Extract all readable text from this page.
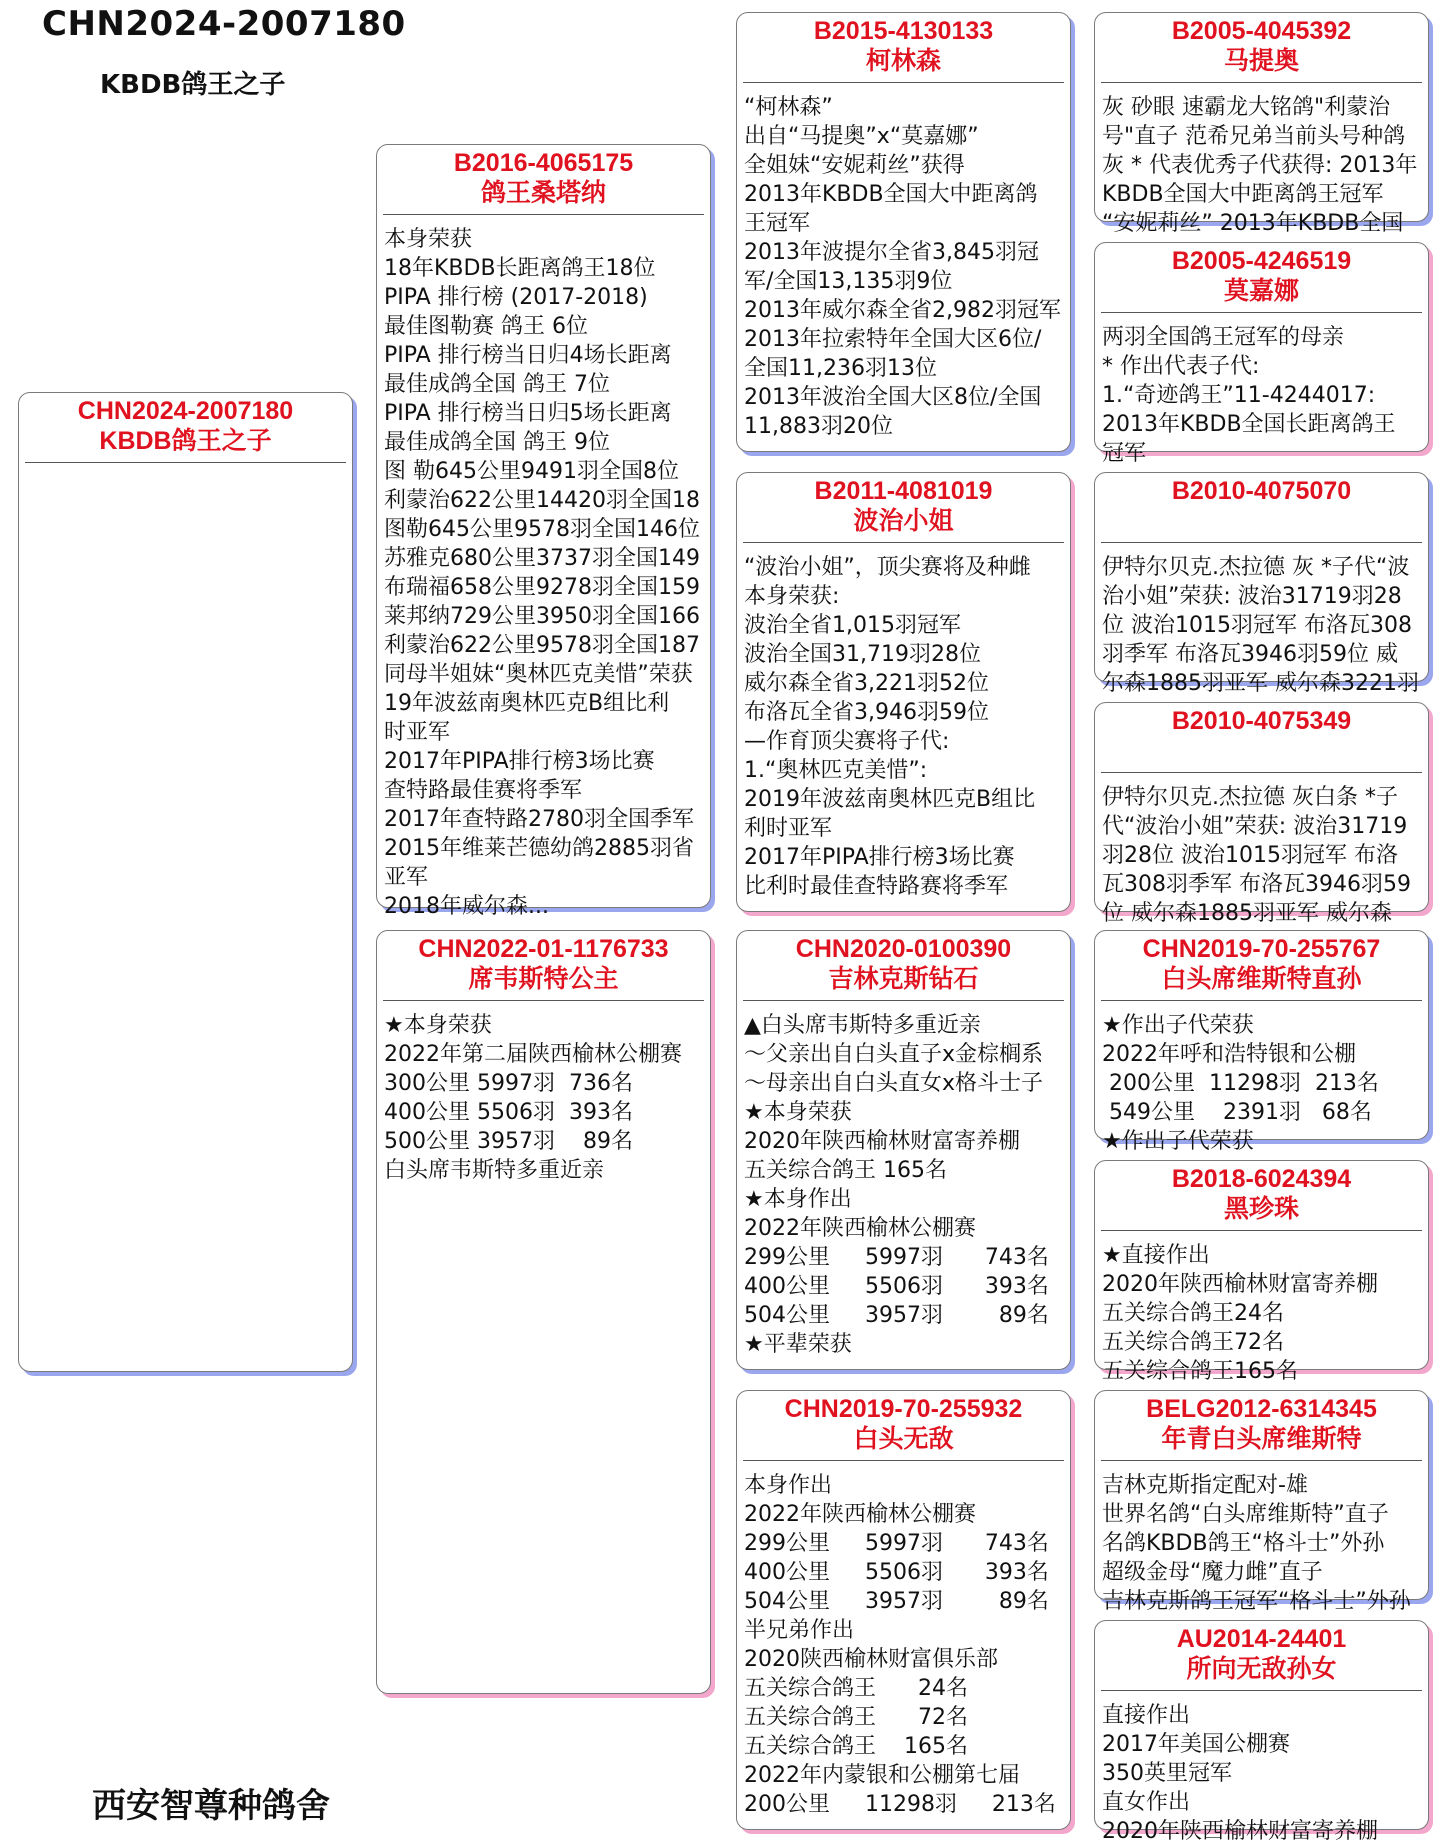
CHN2024-2007180
KBDB鸽王之子
CHN2024-2007180
KBDB鸽王之子
B2016-4065175
鸽王桑塔纳
本身荣获
18年KBDB长距离鸽王18位
PIPA 排行榜 (2017-2018)
最佳图勒赛 鸽王 6位
PIPA 排行榜当日归4场长距离
最佳成鸽全国 鸽王 7位
PIPA 排行榜当日归5场长距离
最佳成鸽全国 鸽王 9位
图 勒645公里9491羽全国8位
利蒙治622公里14420羽全国18
图勒645公里9578羽全国146位
苏雅克680公里3737羽全国149
布瑞福658公里9278羽全国159
莱邦纳729公里3950羽全国166
利蒙治622公里9578羽全国187
同母半姐妹“奥林匹克美惜”荣获
19年波兹南奥林匹克B组比利
时亚军
2017年PIPA排行榜3场比赛
查特路最佳赛将季军
2017年查特路2780羽全国季军
2015年维莱芒德幼鸽2885羽省
亚军
2018年威尔森...
CHN2022-01-1176733
席韦斯特公主
★本身荣获
2022年第二届陕西榆林公棚赛
300公里 5997羽  736名
400公里 5506羽  393名
500公里 3957羽    89名
白头席韦斯特多重近亲
B2015-4130133
柯林森
“柯林森”
出自“马提奥”x“莫嘉娜”
全姐妹“安妮莉丝”获得
2013年KBDB全国大中距离鸽
王冠军
2013年波提尔全省3,845羽冠
军/全国13,135羽9位
2013年威尔森全省2,982羽冠军
2013年拉索特年全国大区6位/
全国11,236羽13位
2013年波治全国大区8位/全国
11,883羽20位
B2011-4081019
波治小姐
“波治小姐”，顶尖赛将及种雌
本身荣获:
波治全省1,015羽冠军
波治全国31,719羽28位
威尔森全省3,221羽52位
布洛瓦全省3,946羽59位
—作育顶尖赛将子代:
1.“奥林匹克美惜”:
2019年波兹南奥林匹克B组比
利时亚军
2017年PIPA排行榜3场比赛
比利时最佳查特路赛将季军
CHN2020-0100390
吉林克斯钻石
▲白头席韦斯特多重近亲
～父亲出自白头直子x金棕榈系
～母亲出自白头直女x格斗士子
★本身荣获
2020年陕西榆林财富寄养棚
五关综合鸽王 165名
★本身作出
2022年陕西榆林公棚赛
299公里     5997羽      743名
400公里     5506羽      393名
504公里     3957羽        89名
★平辈荣获
CHN2019-70-255932
白头无敌
本身作出
2022年陕西榆林公棚赛
299公里     5997羽      743名
400公里     5506羽      393名
504公里     3957羽        89名
半兄弟作出
2020陕西榆林财富俱乐部
五关综合鸽王      24名
五关综合鸽王      72名
五关综合鸽王    165名
2022年内蒙银和公棚第七届
200公里     11298羽     213名
B2005-4045392
马提奥
灰 砂眼 速霸龙大铭鸽"利蒙治
号"直子 范希兄弟当前头号种鸽
灰 * 代表优秀子代获得: 2013年
KBDB全国大中距离鸽王冠军
“安妮莉丝” 2013年KBDB全国
B2005-4246519
莫嘉娜
两羽全国鸽王冠军的母亲
* 作出代表子代:
1.“奇迹鸽王”11-4244017:
2013年KBDB全国长距离鸽王
冠军
B2010-4075070
伊特尔贝克.杰拉德 灰 *子代“波
治小姐”荣获: 波治31719羽28
位 波治1015羽冠军 布洛瓦308
羽季军 布洛瓦3946羽59位 威
尔森1885羽亚军 威尔森3221羽
B2010-4075349
伊特尔贝克.杰拉德 灰白条 *子
代“波治小姐”荣获: 波治31719
羽28位 波治1015羽冠军 布洛
瓦308羽季军 布洛瓦3946羽59
位 威尔森1885羽亚军 威尔森
CHN2019-70-255767
白头席维斯特直孙
★作出子代荣获
2022年呼和浩特银和公棚
200公里  11298羽  213名
549公里    2391羽   68名
★作出子代荣获
B2018-6024394
黑珍珠
★直接作出
2020年陕西榆林财富寄养棚
五关综合鸽王24名
五关综合鸽王72名
五关综合鸽王165名
BELG2012-6314345
年青白头席维斯特
吉林克斯指定配对-雄
世界名鸽“白头席维斯特”直子
名鸽KBDB鸽王“格斗士”外孙
超级金母“魔力雌”直子
吉林克斯鸽王冠军“格斗士”外孙
AU2014-24401
所向无敌孙女
直接作出
2017年美国公棚赛
350英里冠军
直女作出
2020年陕西榆林财富寄养棚
西安智尊种鸽舍
